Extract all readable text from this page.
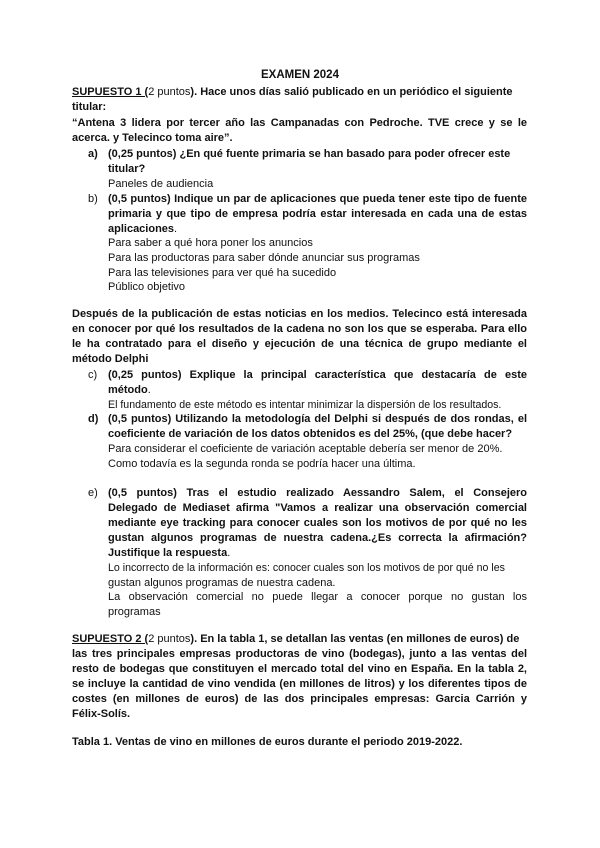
EXAMEN 2024
SUPUESTO 1 (2 puntos). Hace unos días salió publicado en un periódico el siguiente
titular:
“Antena 3 lidera por tercer año las Campanadas con Pedroche. TVE crece y se le
acerca. y Telecinco toma aire”.
a) (0,25 puntos) ¿En qué fuente primaria se han basado para poder ofrecer este
titular?
Paneles de audiencia
b) (0,5 puntos) Indique un par de aplicaciones que pueda tener este tipo de fuente
primaria y que tipo de empresa podría estar interesada en cada una de estas
aplicaciones.
Para saber a qué hora poner los anuncios
Para las productoras para saber dónde anunciar sus programas
Para las televisiones para ver qué ha sucedido
Público objetivo
Después de la publicación de estas noticias en los medios. Telecinco está interesada
en conocer por qué los resultados de la cadena no son los que se esperaba. Para ello
le ha contratado para el diseño y ejecución de una técnica de grupo mediante el
método Delphi
c) (0,25 puntos) Explique la principal característica que destacaría de este
método.
El fundamento de este método es intentar minimizar la dispersión de los resultados.
d) (0,5 puntos) Utilizando la metodología del Delphi si después de dos rondas, el
coeficiente de variación de los datos obtenidos es del 25%, (que debe hacer?
Para considerar el coeficiente de variación aceptable debería ser menor de 20%.
Como todavía es la segunda ronda se podría hacer una última.
e) (0,5 puntos) Tras el estudio realizado Aessandro Salem, el Consejero
Delegado de Mediaset afirma "Vamos a realizar una observación comercial
mediante eye tracking para conocer cuales son los motivos de por qué no les
gustan algunos programas de nuestra cadena.¿Es correcta la afirmación?
Justifique la respuesta.
Lo incorrecto de la información es: conocer cuales son los motivos de por qué no les
gustan algunos programas de nuestra cadena.
La observación comercial no puede llegar a conocer porque no gustan los
programas
SUPUESTO 2 (2 puntos). En la tabla 1, se detallan las ventas (en millones de euros) de
las tres principales empresas productoras de vino (bodegas), junto a las ventas del
resto de bodegas que constituyen el mercado total del vino en España. En la tabla 2,
se incluye la cantidad de vino vendida (en millones de litros) y los diferentes tipos de
costes (en millones de euros) de las dos principales empresas: Garcia Carrión y
Félix-Solís.
Tabla 1. Ventas de vino en millones de euros durante el periodo 2019-2022.
